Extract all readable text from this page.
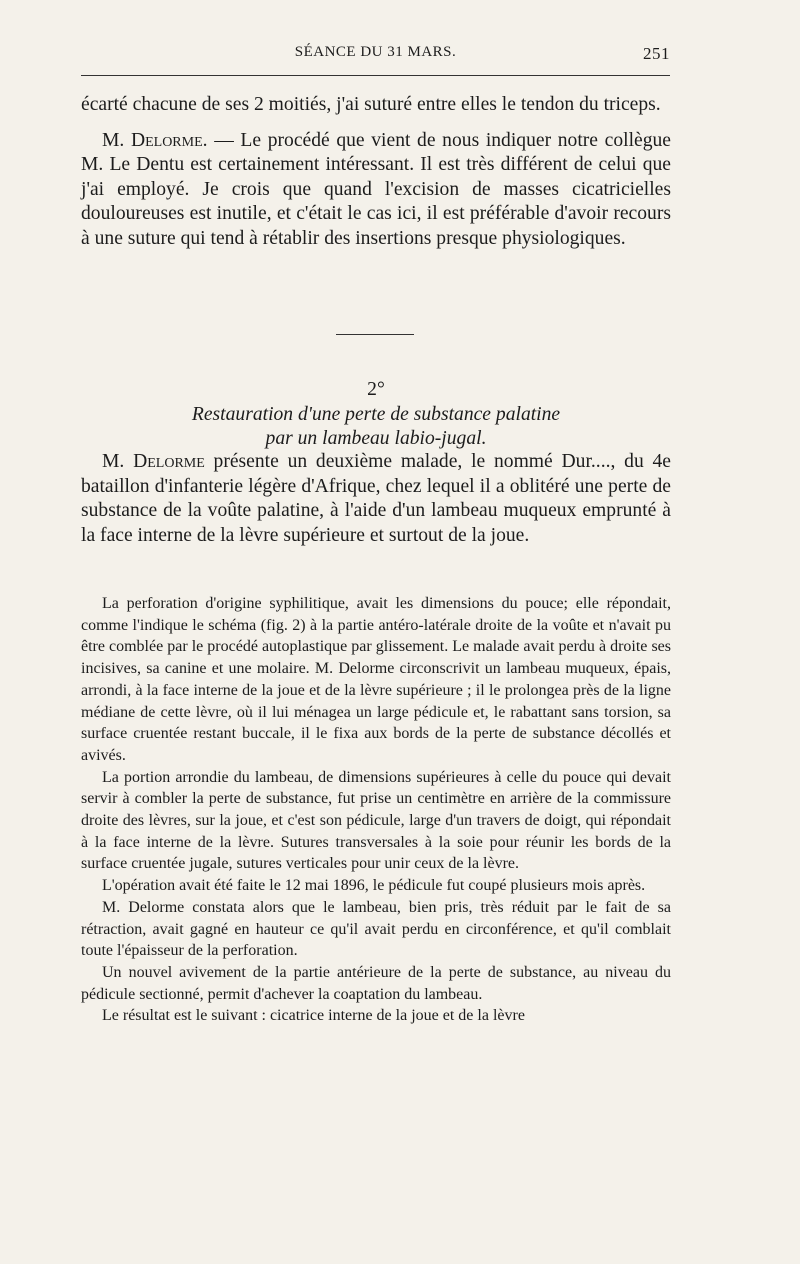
SÉANCE DU 31 MARS.	251

écarté chacune de ses 2 moitiés, j'ai suturé entre elles le tendon du triceps.

M. Delorme. — Le procédé que vient de nous indiquer notre collègue M. Le Dentu est certainement intéressant. Il est très différent de celui que j'ai employé. Je crois que quand l'excision de masses cicatricielles douloureuses est inutile, et c'était le cas ici, il est préférable d'avoir recours à une suture qui tend à rétablir des insertions presque physiologiques.

2°
Restauration d'une perte de substance palatine
par un lambeau labio-jugal.

M. Delorme présente un deuxième malade, le nommé Dur...., du 4e bataillon d'infanterie légère d'Afrique, chez lequel il a oblitéré une perte de substance de la voûte palatine, à l'aide d'un lambeau muqueux emprunté à la face interne de la lèvre supérieure et surtout de la joue.

La perforation d'origine syphilitique, avait les dimensions du pouce; elle répondait, comme l'indique le schéma (fig. 2) à la partie antéro-latérale droite de la voûte et n'avait pu être comblée par le procédé autoplastique par glissement. Le malade avait perdu à droite ses incisives, sa canine et une molaire. M. Delorme circonscrivit un lambeau muqueux, épais, arrondi, à la face interne de la joue et de la lèvre supérieure ; il le prolongea près de la ligne médiane de cette lèvre, où il lui ménagea un large pédicule et, le rabattant sans torsion, sa surface cruentée restant buccale, il le fixa aux bords de la perte de substance décollés et avivés.

La portion arrondie du lambeau, de dimensions supérieures à celle du pouce qui devait servir à combler la perte de substance, fut prise un centimètre en arrière de la commissure droite des lèvres, sur la joue, et c'est son pédicule, large d'un travers de doigt, qui répondait à la face interne de la lèvre. Sutures transversales à la soie pour réunir les bords de la surface cruentée jugale, sutures verticales pour unir ceux de la lèvre.

L'opération avait été faite le 12 mai 1896, le pédicule fut coupé plusieurs mois après.

M. Delorme constata alors que le lambeau, bien pris, très réduit par le fait de sa rétraction, avait gagné en hauteur ce qu'il avait perdu en circonférence, et qu'il comblait toute l'épaisseur de la perforation.

Un nouvel avivement de la partie antérieure de la perte de substance, au niveau du pédicule sectionné, permit d'achever la coaptation du lambeau.

Le résultat est le suivant : cicatrice interne de la joue et de la lèvre
